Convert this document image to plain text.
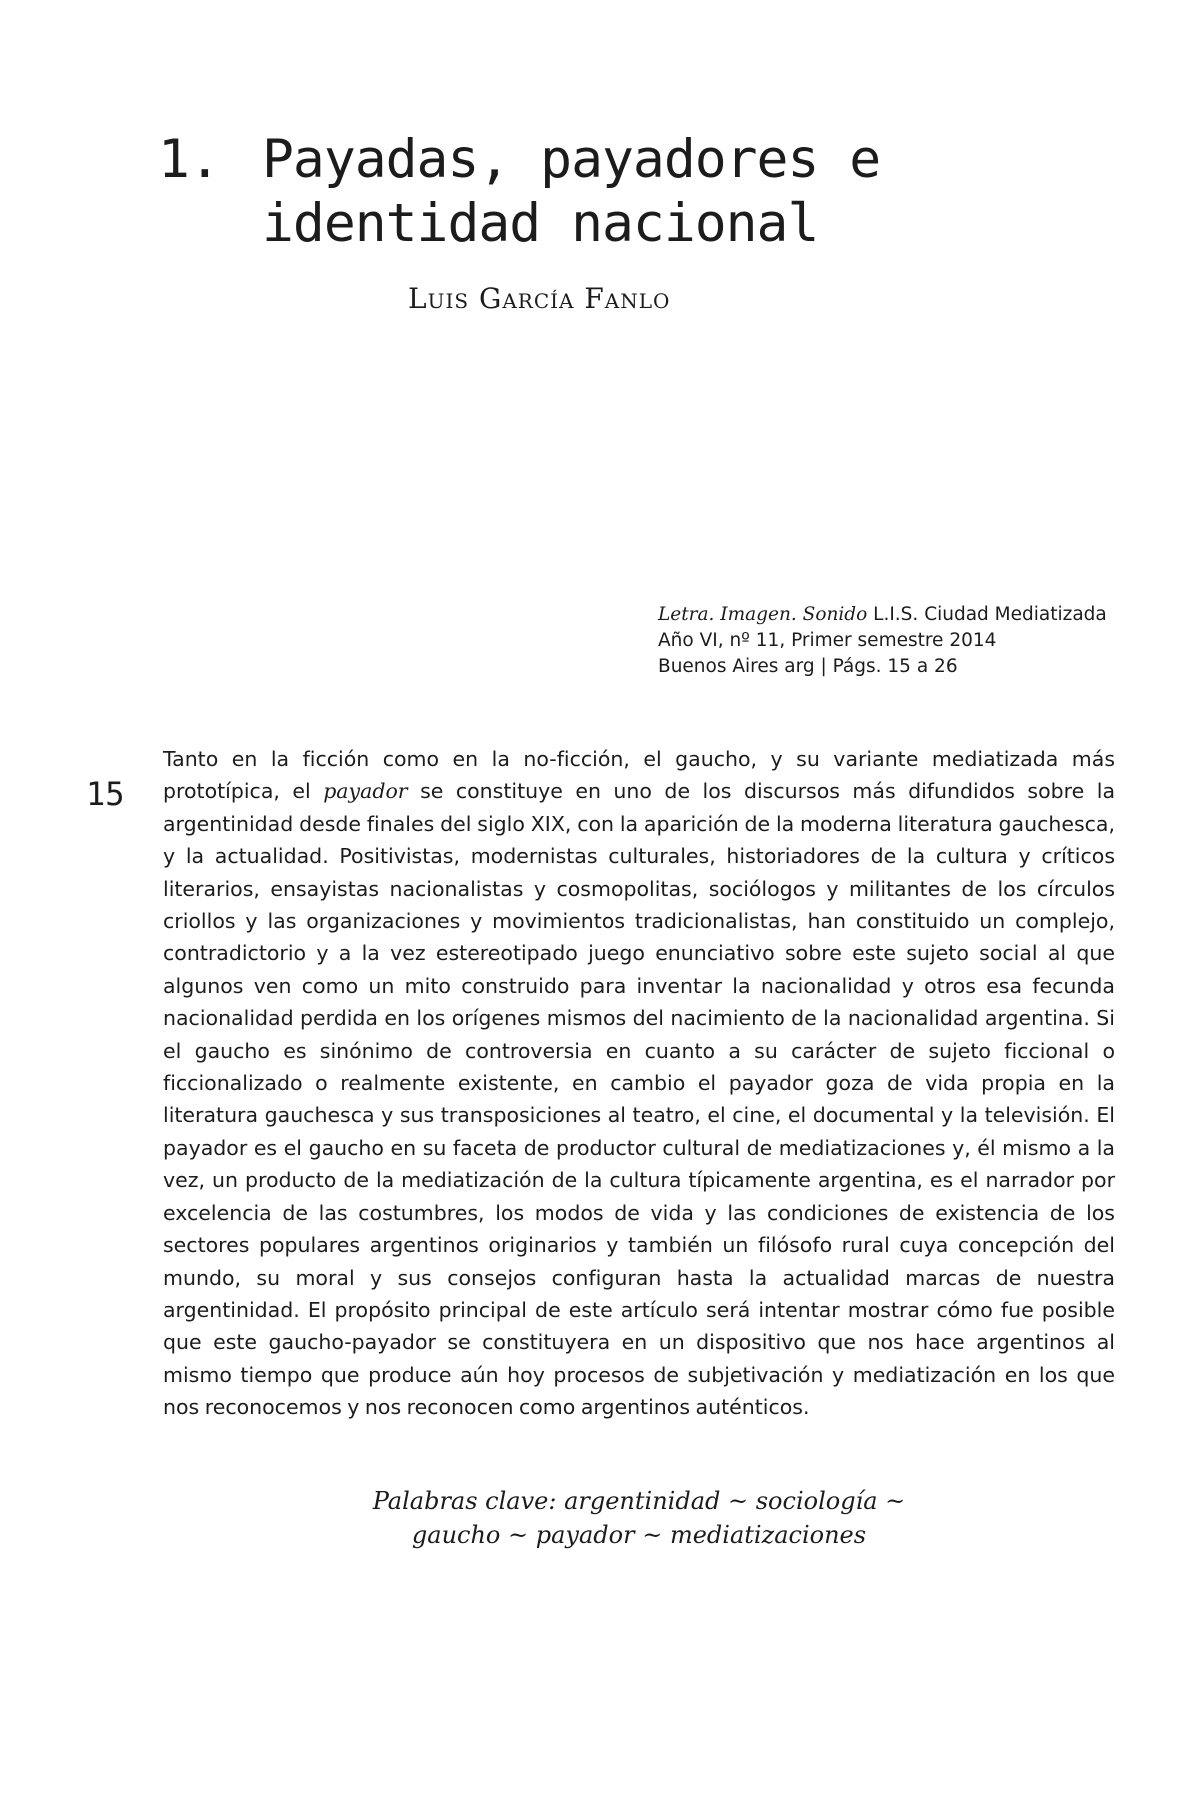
1. Payadas, payadores e
identidad nacional
Luis García Fanlo
Letra. Imagen. Sonido L.I.S. Ciudad Mediatizada
Año VI, nº 11, Primer semestre 2014
Buenos Aires arg | Págs. 15 a 26
15

Tanto en la ficción como en la no-ficción, el gaucho, y su variante mediatizada más prototípica, el payador se constituye en uno de los discursos más difundidos sobre la argentinidad desde finales del siglo XIX, con la aparición de la moderna literatura gauchesca, y la actualidad. Positivistas, modernistas culturales, historiadores de la cultura y críticos literarios, ensayistas nacionalistas y cosmopolitas, sociólogos y militantes de los círculos criollos y las organizaciones y movimientos tradicionalistas, han constituido un complejo, contradictorio y a la vez estereotipado juego enunciativo sobre este sujeto social al que algunos ven como un mito construido para inventar la nacionalidad y otros esa fecunda nacionalidad perdida en los orígenes mismos del nacimiento de la nacionalidad argentina. Si el gaucho es sinónimo de controversia en cuanto a su carácter de sujeto ficcional o ficcionalizado o realmente existente, en cambio el payador goza de vida propia en la literatura gauchesca y sus transposiciones al teatro, el cine, el documental y la televisión. El payador es el gaucho en su faceta de productor cultural de mediatizaciones y, él mismo a la vez, un producto de la mediatización de la cultura típicamente argentina, es el narrador por excelencia de las costumbres, los modos de vida y las condiciones de existencia de los sectores populares argentinos originarios y también un filósofo rural cuya concepción del mundo, su moral y sus consejos configuran hasta la actualidad marcas de nuestra argentinidad. El propósito principal de este artículo será intentar mostrar cómo fue posible que este gaucho-payador se constituyera en un dispositivo que nos hace argentinos al mismo tiempo que produce aún hoy procesos de subjetivación y mediatización en los que nos reconocemos y nos reconocen como argentinos auténticos.

Palabras clave: argentinidad ~ sociología ~
gaucho ~ payador ~ mediatizaciones
